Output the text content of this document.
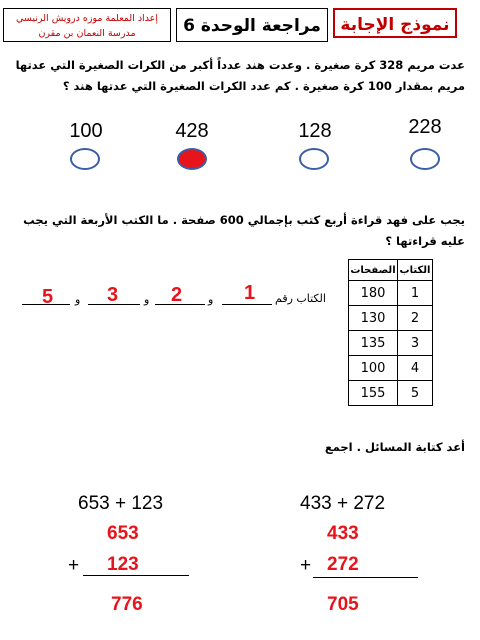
نموذج الإجابة
مراجعة الوحدة 6
إعداد المعلمة موزه درويش الرنيسي
مدرسة النعمان بن مقرن
عدت مريم 328 كرة صغيرة . وعدت هند عدداً أكبر من الكرات الصغيرة التي عدتها
مريم بمقدار 100 كرة صغيرة . كم عدد الكرات الصغيرة التي عدتها هند ؟
228
128
428
100
يجب على فهد قراءة أربع كتب بإجمالي 600 صفحة . ما الكتب الأربعة التي يجب
عليه قراءتها ؟
الصفحات	الكتاب
180	1
130	2
135	3
100	4
155	5
الكتاب رقم
1
و
2
و
3
و
5
أعد كتابة المسائل . اجمع
433 + 272
433
+ 272
705
653 + 123
653
+ 123
776
